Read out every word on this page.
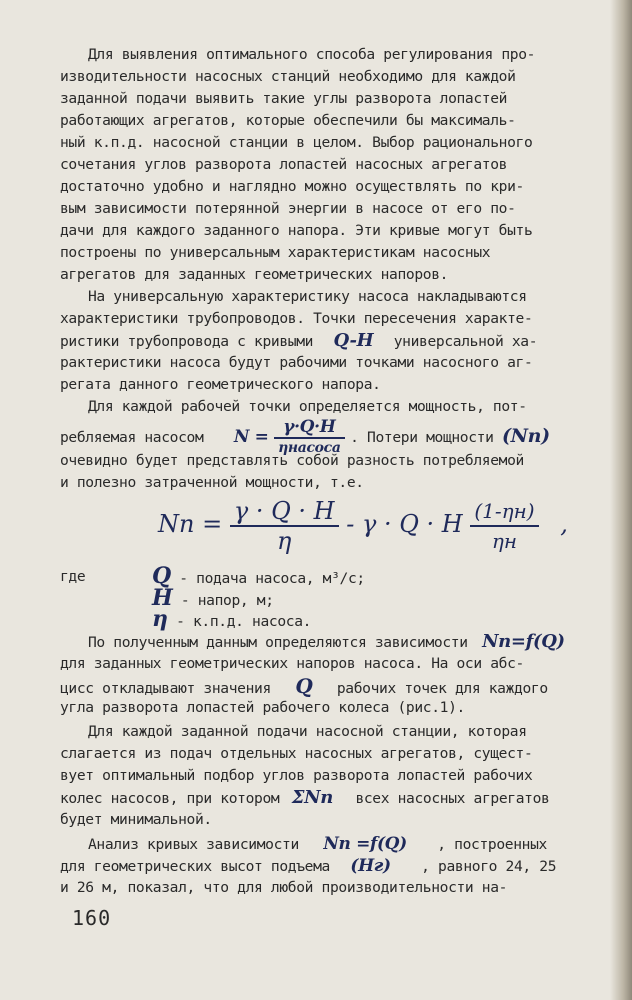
Для выявления оптимального способа регулирования про-
изводительности насосных станций необходимо для каждой
заданной подачи выявить такие углы разворота лопастей
работающих агрегатов, которые обеспечили бы максималь-
ный к.п.д. насосной станции в целом. Выбор рационального
сочетания углов разворота лопастей насосных агрегатов
достаточно удобно и наглядно можно осуществлять по кри-
вым зависимости потерянной энергии в насосе от его по-
дачи для каждого заданного напора. Эти кривые могут быть
построены по универсальным характеристикам насосных
агрегатов для заданных геометрических напоров.
На универсальную характеристику насоса накладываются
характеристики трубопроводов. Точки пересечения характе-
ристики трубопровода с кривыми Q-H универсальной ха-
рактеристики насоса будут рабочими точками насосного аг-
регата данного геометрического напора.
Для каждой рабочей точки определяется мощность, пот-
ребляемая насосом $N = \frac{\gamma\cdot Q\cdot H}{\text{ηнасоса}}$ . Потери мощности (Nп)
очевидно будет представлять собой разность потребляемой
и полезно затраченной мощности, т.е.
Nп = $\frac{\gamma \cdot Q \cdot H}{\eta} - \gamma \cdot Q \cdot H \frac{(1-\eta н)}{\eta н}$ ,
где	Q - подача насоса, м³/с;
H - напор, м;
η - к.п.д. насоса.
По полученным данным определяются зависимости Nп=f(Q)
для заданных геометрических напоров насоса. На оси абс-
цисс откладывают значения Q рабочих точек для каждого
угла разворота лопастей рабочего колеса (рис.1).
Для каждой заданной подачи насосной станции, которая
слагается из подач отдельных насосных агрегатов, сущест-
вует оптимальный подбор углов разворота лопастей рабочих
колес насосов, при котором ΣNп всех насосных агрегатов
будет минимальной.
Анализ кривых зависимости Nп =f(Q) , построенных
для геометрических высот подъема (Hг) , равного 24, 25
и 26 м, показал, что для любой производительности на-
160
